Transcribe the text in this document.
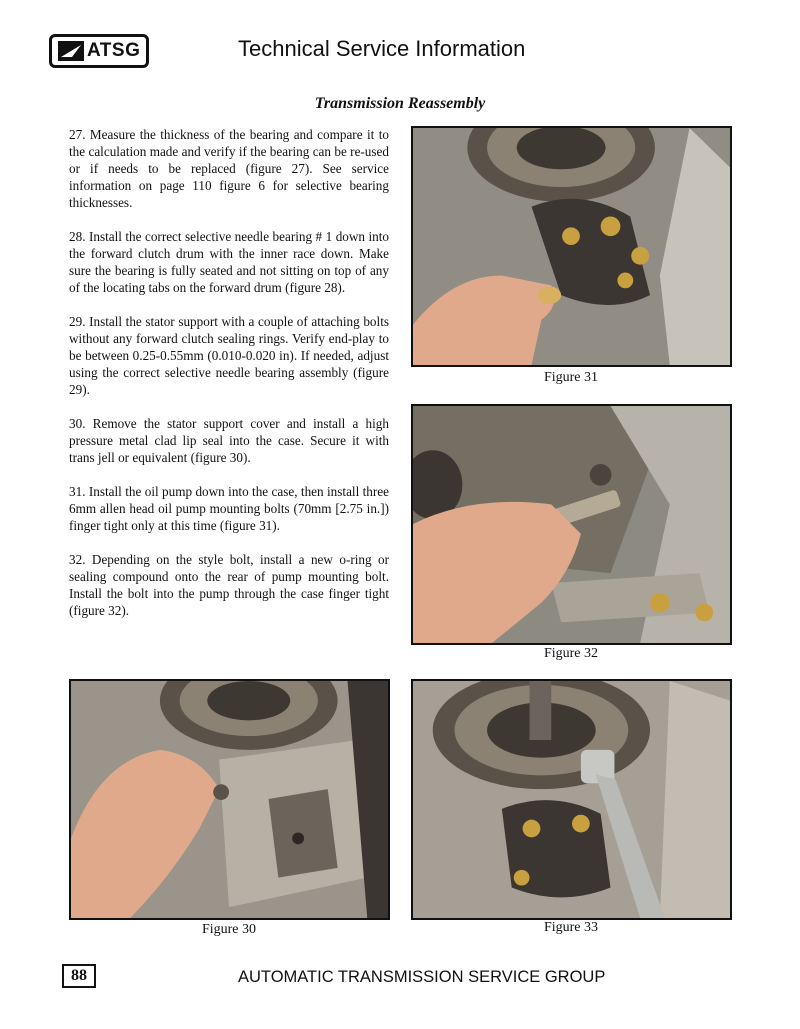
ATSG	Technical Service Information
Transmission Reassembly

27. Measure the thickness of the bearing and compare it to the calculation made and verify if the bearing can be re-used or if needs to be replaced (figure 27). See service information on page 110 figure 6 for selective bearing thicknesses.

28. Install the correct selective needle bearing # 1 down into the forward clutch drum with the inner race down. Make sure the bearing is fully seated and not sitting on top of any of the locating tabs on the forward drum (figure 28).

29. Install the stator support with a couple of attaching bolts without any forward clutch sealing rings. Verify end-play to be between 0.25-0.55mm (0.010-0.020 in). If needed, adjust using the correct selective needle bearing assembly (figure 29).

30. Remove the stator support cover and install a high pressure metal clad lip seal into the case. Secure it with trans jell or equivalent (figure 30).

31. Install the oil pump down into the case, then install three 6mm allen head oil pump mounting bolts (70mm [2.75 in.]) finger tight only at this time (figure 31).

32. Depending on the style bolt, install a new o-ring or sealing compound onto the rear of pump mounting bolt. Install the bolt into the pump through the case finger tight (figure 32).

Figure 31
Figure 32
Figure 30	Figure 33
88	AUTOMATIC TRANSMISSION SERVICE GROUP
